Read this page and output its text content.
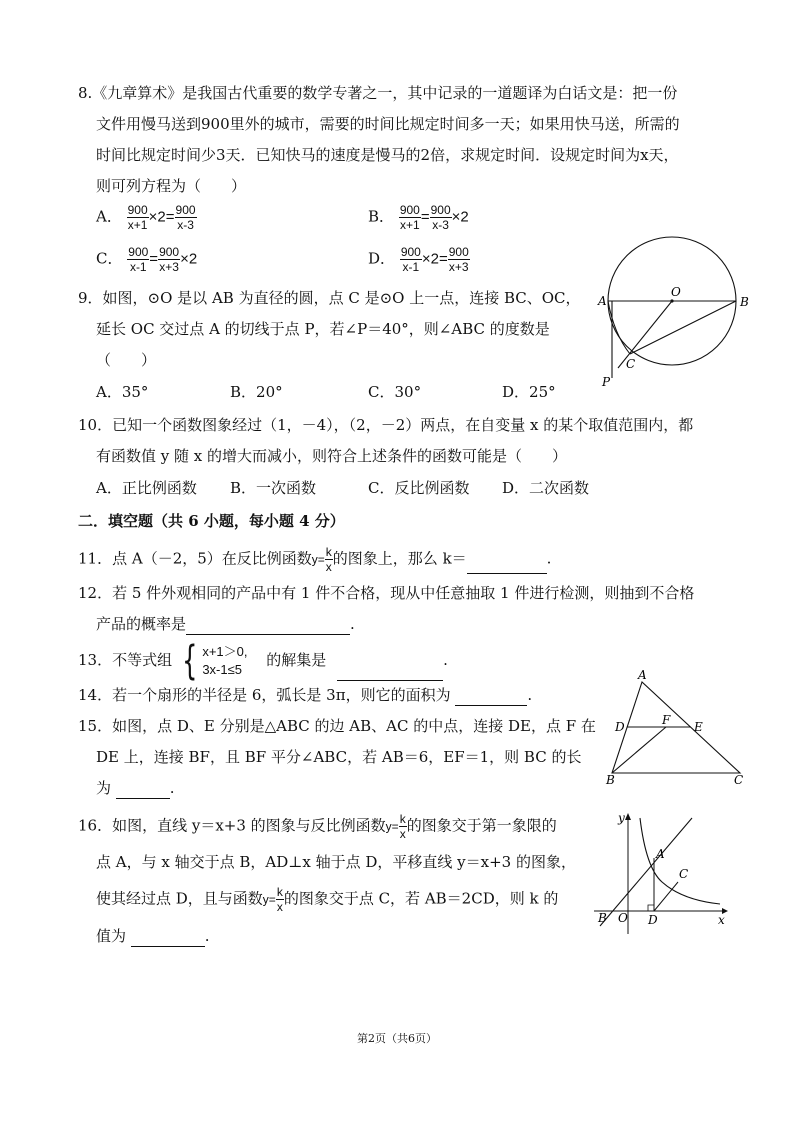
8.《九章算术》是我国古代重要的数学专著之一，其中记录的一道题译为白话文是：把一份
文件用慢马送到900里外的城市，需要的时间比规定时间多一天；如果用快马送，所需的
时间比规定时间少3天．已知快马的速度是慢马的2倍，求规定时间．设规定时间为x天，
则可列方程为（　　）
A． $\frac{900}{x+1} \times 2= \frac{900}{x-3}$	B． $\frac{900}{x+1} = \frac{900}{x-3} \times 2$
C． $\frac{900}{x-1} = \frac{900}{x+3} \times 2$	D． $\frac{900}{x-1} \times 2= \frac{900}{x+3}$
9．如图，⊙O 是以 AB 为直径的圆，点 C 是⊙O 上一点，连接 BC、OC，
延长 OC 交过点 A 的切线于点 P，若∠P＝40°，则∠ABC 的度数是
（　　）
A．35°	B．20°	C．30°	D．25°
A
O
B
C
P
10．已知一个函数图象经过（1，－4），（2，－2）两点，在自变量 x 的某个取值范围内，都
有函数值 y 随 x 的增大而减小，则符合上述条件的函数可能是（　　）
A．正比例函数 B．一次函数	C．反比例函数 D．二次函数
二．填空题（共 6 小题，每小题 4 分）
11．点 A（－2，5）在反比例函数$y= \frac{k}{x}$ 的图象上，那么 k＝	.
12．若 5 件外观相同的产品中有 1 件不合格，现从中任意抽取 1 件进行检测，则抽到不合格
产品的概率是	.
13．不等式组 { x+1＞0,
3x-1≤5
的解集是	.
14．若一个扇形的半径是 6，弧长是 3π，则它的面积为	.
15．如图，点 D、E 分别是△ABC 的边 AB、AC 的中点，连接 DE，点 F 在
DE 上，连接 BF，且 BF 平分∠ABC，若 AB＝6，EF＝1，则 BC 的长
为	.
A
D	F E
B	C
16．如图，直线 y＝x+3 的图象与反比例函数$y= \frac{k}{x}$ 的图象交于第一象限的
点 A，与 x 轴交于点 B，AD⊥x 轴于点 D，平移直线 y＝x+3 的图象，
使其经过点 D，且与函数$y= \frac{k}{x}$ 的图象交于点 C，若 AB＝2CD，则 k 的
值为	.
y
A
C
B O D	x
第2页（共6页）
